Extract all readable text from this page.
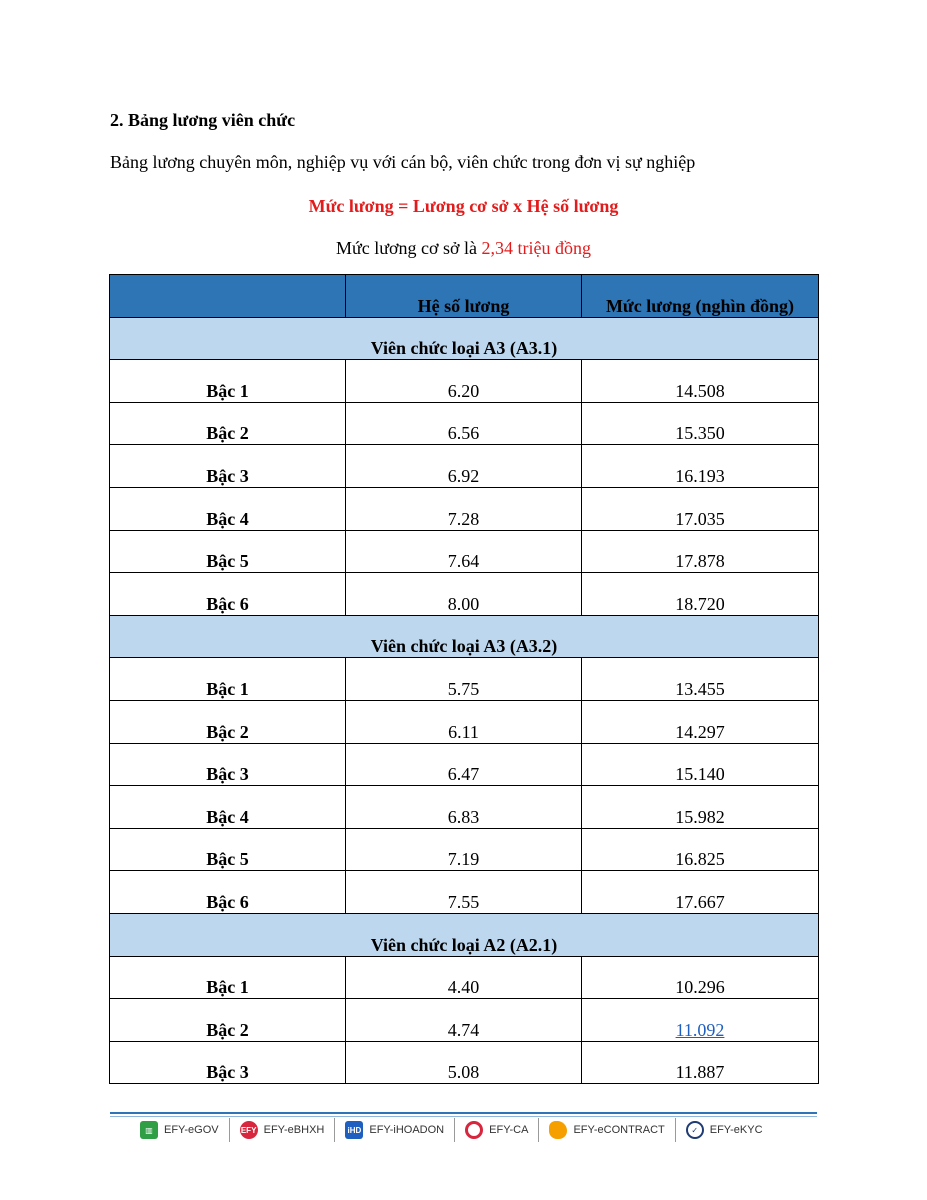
2. Bảng lương viên chức
Bảng lương chuyên môn, nghiệp vụ với cán bộ, viên chức trong đơn vị sự nghiệp
Mức lương = Lương cơ sở x Hệ số lương
Mức lương cơ sở là 2,34 triệu đồng
	Hệ số lương	Mức lương (nghìn đồng)
Viên chức loại A3 (A3.1)		
Bậc 1	6.20	14.508
Bậc 2	6.56	15.350
Bậc 3	6.92	16.193
Bậc 4	7.28	17.035
Bậc 5	7.64	17.878
Bậc 6	8.00	18.720
Viên chức loại A3 (A3.2)		
Bậc 1	5.75	13.455
Bậc 2	6.11	14.297
Bậc 3	6.47	15.140
Bậc 4	6.83	15.982
Bậc 5	7.19	16.825
Bậc 6	7.55	17.667
Viên chức loại A2 (A2.1)		
Bậc 1	4.40	10.296
Bậc 2	4.74	11.092
Bậc 3	5.08	11.887
▥	EFY-eGOV	EFY EFY-eBHXH	iHD EFY-iHOADON	EFY-CA	EFY-eCONTRACT	✓	EFY-eKYC
